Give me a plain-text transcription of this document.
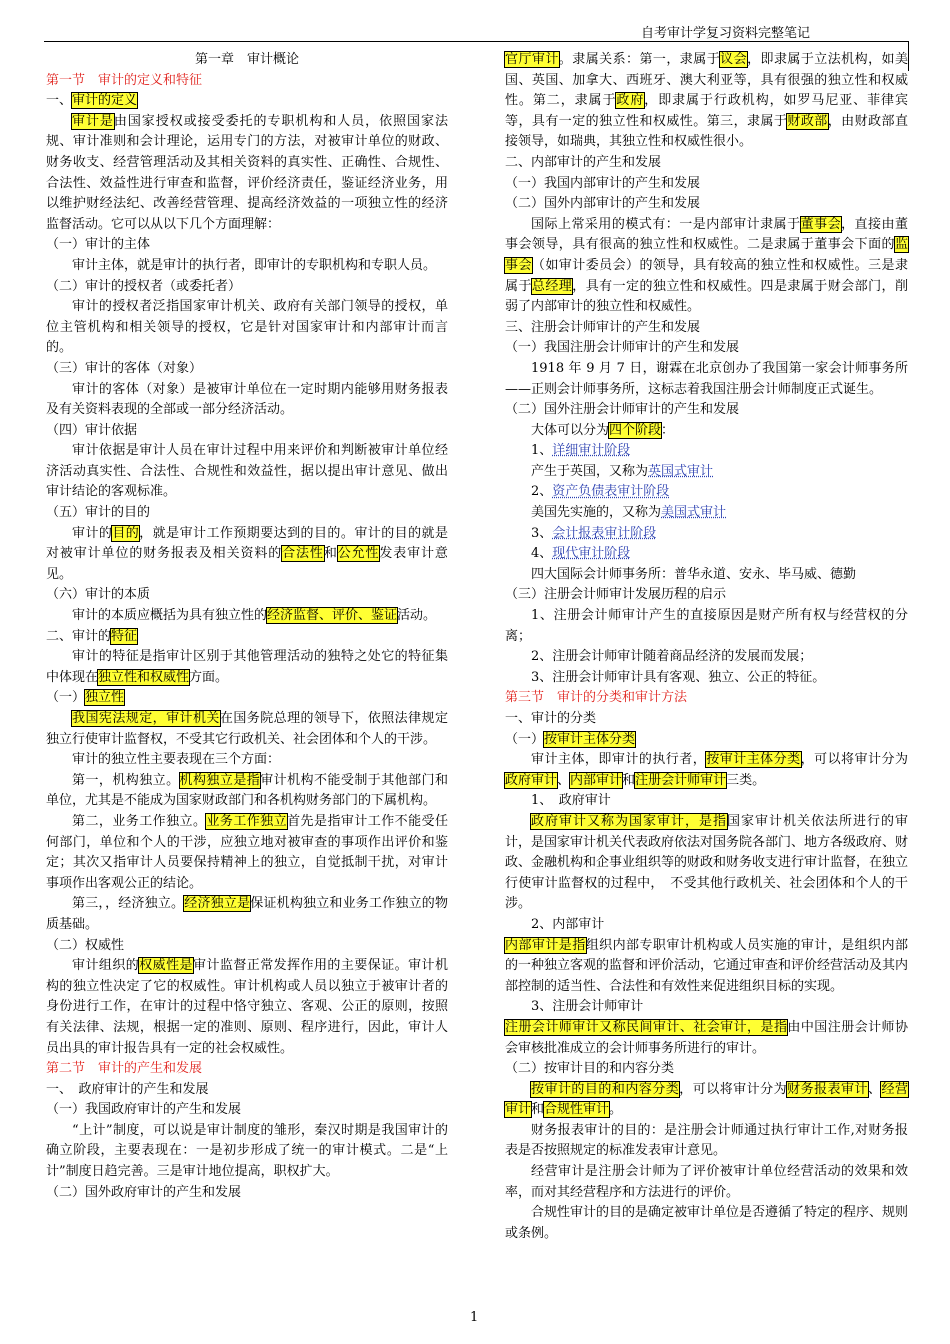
自考审计学复习资料完整笔记

第一章　审计概论

第一节　审计的定义和特征

一、审计的定义

审计是由国家授权或接受委托的专职机构和人员，依照国家法规、审计准则和会计理论，运用专门的方法，对被审计单位的财政、财务收支、经营管理活动及其相关资料的真实性、正确性、合规性、合法性、效益性进行审查和监督，评价经济责任，鉴证经济业务，用以维护财经法纪、改善经营管理、提高经济效益的一项独立性的经济监督活动。它可以从以下几个方面理解：

（一）审计的主体

审计主体，就是审计的执行者，即审计的专职机构和专职人员。

（二）审计的授权者（或委托者）

审计的授权者泛指国家审计机关、政府有关部门领导的授权，单位主管机构和相关领导的授权，它是针对国家审计和内部审计而言的。

（三）审计的客体（对象）

审计的客体（对象）是被审计单位在一定时期内能够用财务报表及有关资料表现的全部或一部分经济活动。

（四）审计依据

审计依据是审计人员在审计过程中用来评价和判断被审计单位经济活动真实性、合法性、合规性和效益性，据以提出审计意见、做出审计结论的客观标准。

（五）审计的目的

审计的目的，就是审计工作预期要达到的目的。审计的目的就是对被审计单位的财务报表及相关资料的合法性和公允性发表审计意见。

（六）审计的本质

审计的本质应概括为具有独立性的经济监督、评价、鉴证活动。

二、审计的特征

审计的特征是指审计区别于其他管理活动的独特之处它的特征集中体现在独立性和权威性方面。

（一）独立性

我国宪法规定，审计机关在国务院总理的领导下，依照法律规定独立行使审计监督权，不受其它行政机关、社会团体和个人的干涉。

审计的独立性主要表现在三个方面：

第一，机构独立。机构独立是指审计机构不能受制于其他部门和单位，尤其是不能成为国家财政部门和各机构财务部门的下属机构。

第二，业务工作独立。业务工作独立首先是指审计工作不能受任何部门，单位和个人的干涉，应独立地对被审查的事项作出评价和鉴定；其次又指审计人员要保持精神上的独立，自觉抵制干扰，对审计事项作出客观公正的结论。

第三，，经济独立。经济独立是保证机构独立和业务工作独立的物质基础。

（二）权威性

审计组织的权威性是审计监督正常发挥作用的主要保证。审计机构的独立性决定了它的权威性。审计机构或人员以独立于被审计者的身份进行工作，在审计的过程中恪守独立、客观、公正的原则，按照有关法律、法规，根据一定的准则、原则、程序进行，因此，审计人员出具的审计报告具有一定的社会权威性。

第二节　审计的产生和发展

一、　政府审计的产生和发展

（一）我国政府审计的产生和发展

“上计”制度，可以说是审计制度的雏形，秦汉时期是我国审计的确立阶段，主要表现在：一是初步形成了统一的审计模式。二是“上计”制度日趋完善。三是审计地位提高，职权扩大。

（二）国外政府审计的产生和发展

官厅审计。隶属关系：第一，隶属于议会，即隶属于立法机构，如美国、英国、加拿大、西班牙、澳大利亚等，具有很强的独立性和权威性。第二，隶属于政府，即隶属于行政机构，如罗马尼亚、菲律宾等，具有一定的独立性和权威性。第三，隶属于财政部，由财政部直接领导，如瑞典，其独立性和权威性很小。

二、内部审计的产生和发展

（一）我国内部审计的产生和发展

（二）国外内部审计的产生和发展

国际上常采用的模式有：一是内部审计隶属于董事会，直接由董事会领导，具有很高的独立性和权威性。二是隶属于董事会下面的监事会（如审计委员会）的领导，具有较高的独立性和权威性。三是隶属于总经理，具有一定的独立性和权威性。四是隶属于财会部门，削弱了内部审计的独立性和权威性。

三、注册会计师审计的产生和发展

（一）我国注册会计师审计的产生和发展

1918 年 9 月 7 日，谢霖在北京创办了我国第一家会计师事务所——正则会计师事务所，这标志着我国注册会计师制度正式诞生。

（二）国外注册会计师审计的产生和发展

大体可以分为四个阶段：

1、详细审计阶段

产生于英国，又称为英国式审计

2、资产负债表审计阶段

美国先实施的，又称为美国式审计

3、会计报表审计阶段

4、现代审计阶段

四大国际会计师事务所：普华永道、安永、毕马威、德勤

（三）注册会计师审计发展历程的启示

1、注册会计师审计产生的直接原因是财产所有权与经营权的分离；

2、注册会计师审计随着商品经济的发展而发展；

3、注册会计师审计具有客观、独立、公正的特征。

第三节　审计的分类和审计方法

一、审计的分类

（一）按审计主体分类

审计主体，即审计的执行者，按审计主体分类，可以将审计分为政府审计、内部审计和注册会计师审计三类。

1、　政府审计

政府审计又称为国家审计，是指国家审计机关依法所进行的审计，是国家审计机关代表政府依法对国务院各部门、地方各级政府、财政、金融机构和企事业组织等的财政和财务收支进行审计监督，在独立行使审计监督权的过程中，　不受其他行政机关、社会团体和个人的干涉。

2、内部审计

内部审计是指组织内部专职审计机构或人员实施的审计，是组织内部的一种独立客观的监督和评价活动，它通过审查和评价经营活动及其内部控制的适当性、合法性和有效性来促进组织目标的实现。

3、注册会计师审计

注册会计师审计又称民间审计、社会审计，是指由中国注册会计师协会审核批准成立的会计师事务所进行的审计。

（二）按审计目的和内容分类

按审计的目的和内容分类，可以将审计分为财务报表审计、经营审计和合规性审计。

财务报表审计的目的：是注册会计师通过执行审计工作,对财务报表是否按照规定的标准发表审计意见。

经营审计是注册会计师为了评价被审计单位经营活动的效果和效率，而对其经营程序和方法进行的评价。

合规性审计的目的是确定被审计单位是否遵循了特定的程序、规则或条例。

1
